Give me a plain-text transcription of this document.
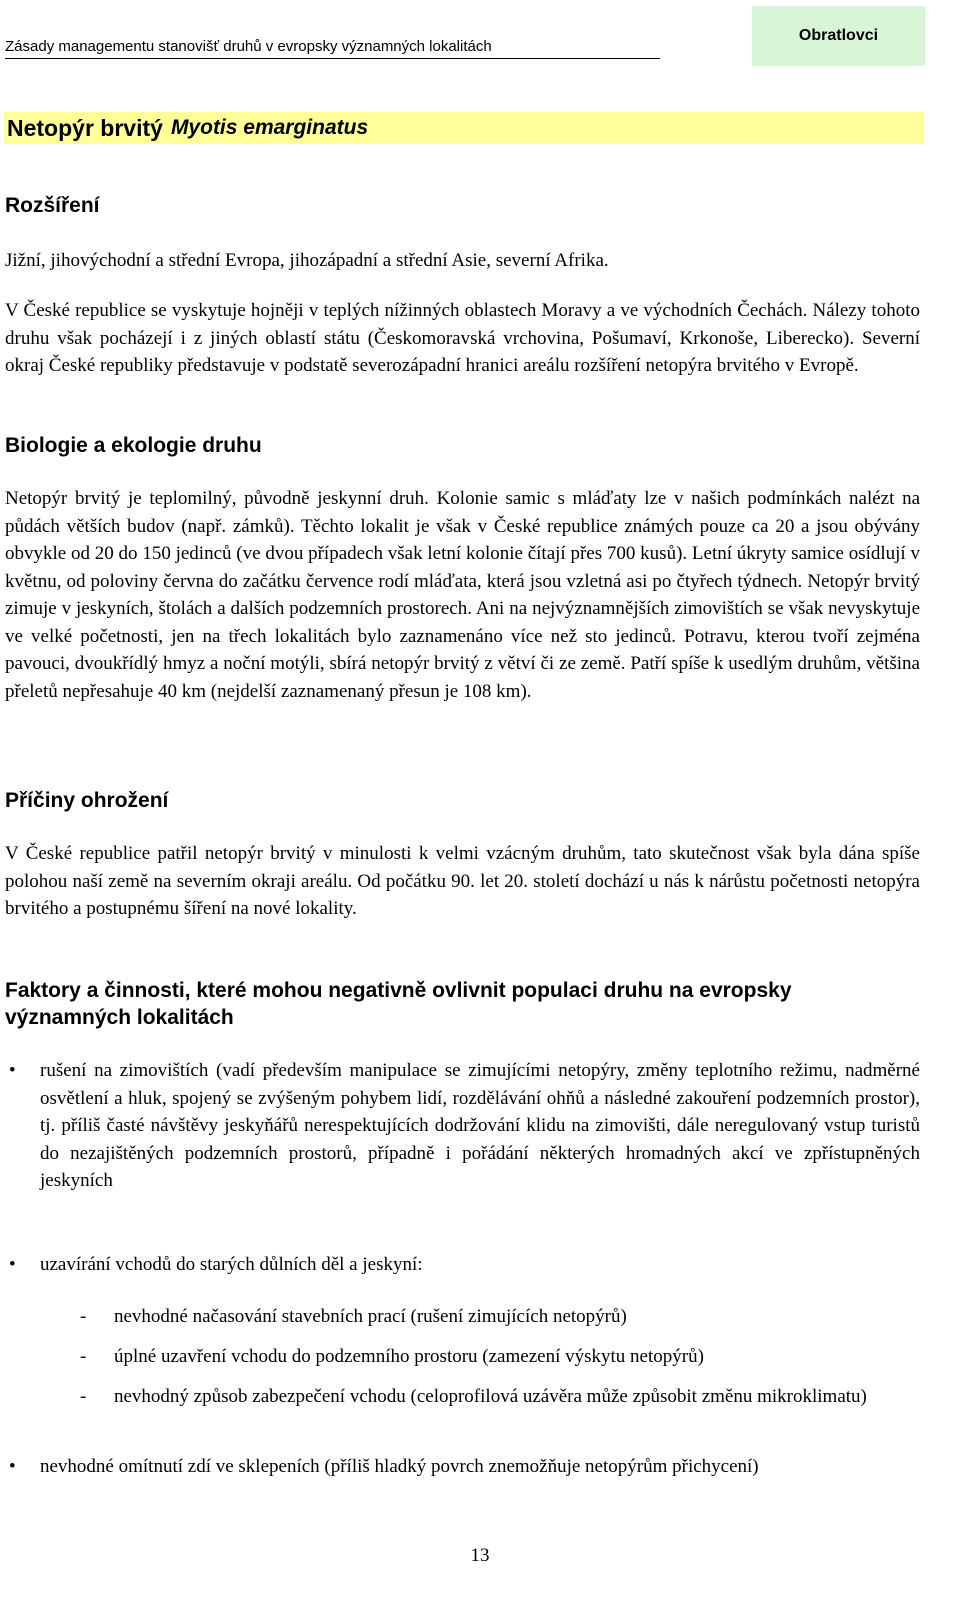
Zásady managementu stanovišť druhů v evropsky významných lokalitách
Obratlovci
Netopýr brvitý Myotis emarginatus
Rozšíření

Jižní, jihovýchodní a střední Evropa, jihozápadní a střední Asie, severní Afrika.

V České republice se vyskytuje hojněji v teplých nížinných oblastech Moravy a ve východních Čechách. Nálezy tohoto druhu však pocházejí i z jiných oblastí státu (Českomoravská vrchovina, Pošumaví, Krkonoše, Liberecko). Severní okraj České republiky představuje v podstatě severozápadní hranici areálu rozšíření netopýra brvitého v Evropě.

Biologie a ekologie druhu

Netopýr brvitý je teplomilný, původně jeskynní druh. Kolonie samic s mláďaty lze v našich podmínkách nalézt na půdách větších budov (např. zámků). Těchto lokalit je však v České republice známých pouze ca 20 a jsou obývány obvykle od 20 do 150 jedinců (ve dvou případech však letní kolonie čítají přes 700 kusů). Letní úkryty samice osídlují v květnu, od poloviny června do začátku července rodí mláďata, která jsou vzletná asi po čtyřech týdnech. Netopýr brvitý zimuje v jeskyních, štolách a dalších podzemních prostorech. Ani na nejvýznamnějších zimovištích se však nevyskytuje ve velké početnosti, jen na třech lokalitách bylo zaznamenáno více než sto jedinců. Potravu, kterou tvoří zejména pavouci, dvoukřídlý hmyz a noční motýli, sbírá netopýr brvitý z větví či ze země. Patří spíše k usedlým druhům, většina přeletů nepřesahuje 40 km (nejdelší zaznamenaný přesun je 108 km).

Příčiny ohrožení

V České republice patřil netopýr brvitý v minulosti k velmi vzácným druhům, tato skutečnost však byla dána spíše polohou naší země na severním okraji areálu. Od počátku 90. let 20. století dochází u nás k nárůstu početnosti netopýra brvitého a postupnému šíření na nové lokality.

Faktory a činnosti, které mohou negativně ovlivnit populaci druhu na evropsky
významných lokalitách
• rušení na zimovištích (vadí především manipulace se zimujícími netopýry, změny teplotního režimu, nadměrné osvětlení a hluk, spojený se zvýšeným pohybem lidí, rozdělávání ohňů a následné zakouření podzemních prostor), tj. příliš časté návštěvy jeskyňářů nerespektujících dodržování klidu na zimovišti, dále neregulovaný vstup turistů do nezajištěných podzemních prostorů, případně i pořádání některých hromadných akcí ve zpřístupněných jeskyních
• uzavírání vchodů do starých důlních děl a jeskyní:
- nevhodné načasování stavebních prací (rušení zimujících netopýrů)
- úplné uzavření vchodu do podzemního prostoru (zamezení výskytu netopýrů)
- nevhodný způsob zabezpečení vchodu (celoprofilová uzávěra může způsobit změnu mikroklimatu)
• nevhodné omítnutí zdí ve sklepeních (příliš hladký povrch znemožňuje netopýrům přichycení)
13
